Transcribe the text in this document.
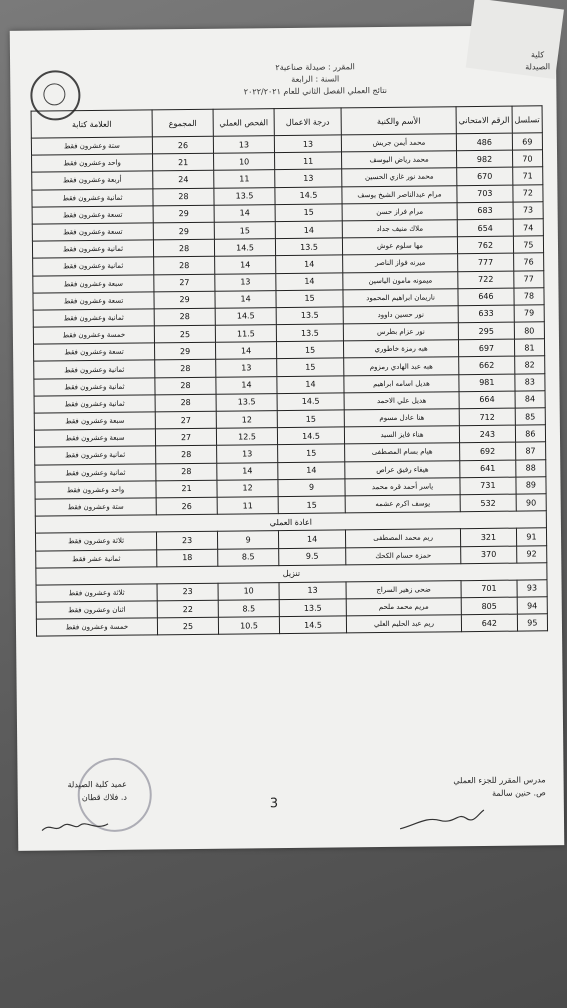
كلية
الصيدلة
المقرر : صيدلة صناعية٢
السنة : الرابعة
نتائج العملي الفصل الثاني للعام ٢٠٢٢/٢٠٢١
تسلسل	الرقم الامتحاني	الأسم والكنية	درجة الاعمال	الفحص العملي	المجموع	العلامة كتابة
69	486	محمد أيمن جريش	13	13	26	ستة وعشرون فقط
70	982	محمد رياض اليوسف	11	10	21	واحد وعشرون فقط
71	670	محمد نور غازي الحسين	13	11	24	أربعة وعشرون فقط
72	703	مرام عبدالناصر الشيخ يوسف	14.5	13.5	28	ثمانية وعشرون فقط
73	683	مرام فراز حسن	15	14	29	تسعة وعشرون فقط
74	654	ملاك منيف جداد	14	15	29	تسعة وعشرون فقط
75	762	مها سلوم عوش	13.5	14.5	28	ثمانية وعشرون فقط
76	777	ميرنه فواز الناصر	14	14	28	ثمانية وعشرون فقط
77	722	ميمونه مامون الياسين	14	13	27	سبعة وعشرون فقط
78	646	ناريمان ابراهيم المحمود	15	14	29	تسعة وعشرون فقط
79	633	نور حسين داوود	13.5	14.5	28	ثمانية وعشرون فقط
80	295	نور عزام بطرس	13.5	11.5	25	خمسة وعشرون فقط
81	697	هبه رمزة خاطوري	15	14	29	تسعة وعشرون فقط
82	662	هبه عبد الهادي رمزوم	15	13	28	ثمانية وعشرون فقط
83	981	هديل اسامه ابراهيم	14	14	28	ثمانية وعشرون فقط
84	664	هديل علي الاحمد	14.5	13.5	28	ثمانية وعشرون فقط
85	712	هنا عادل مسوم	15	12	27	سبعة وعشرون فقط
86	243	هناء فايز السيد	14.5	12.5	27	سبعة وعشرون فقط
87	692	هيام بسام المصطفى	15	13	28	ثمانية وعشرون فقط
88	641	هيفاء رفيق عراص	14	14	28	ثمانية وعشرون فقط
89	731	ياسر أحمد قره محمد	9	12	21	واحد وعشرون فقط
90	532	يوسف اكرم عشمه	15	11	26	ستة وعشرون فقط
اعادة العملي						
91	321	ريم محمد المصطفى	14	9	23	ثلاثة وعشرون فقط
92	370	حمزة حسام الكحك	9.5	8.5	18	ثمانية عشر فقط
تنزيل						
93	701	ضحى زهير السراج	13	10	23	ثلاثة وعشرون فقط
94	805	مريم محمد ملحم	13.5	8.5	22	اثنان وعشرون فقط
95	642	ريم عبد الحليم العلي	14.5	10.5	25	خمسة وعشرون فقط
مدرس المقرر للجزء العملي
ص. حنين سالمة
عميد كلية الصيدلة
د. فلاك قطان	3
